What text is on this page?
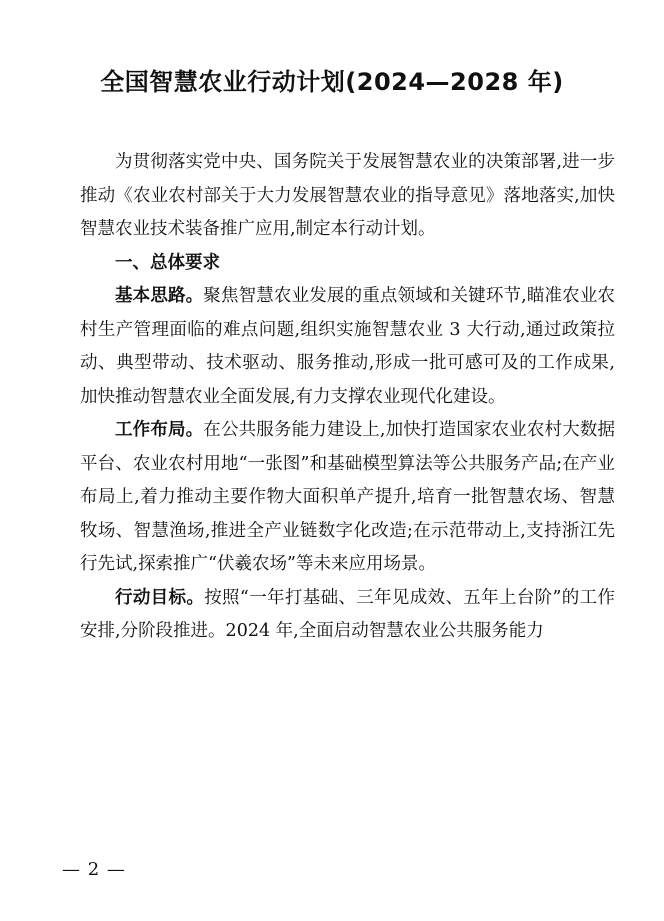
全国智慧农业行动计划(2024—2028 年)

为贯彻落实党中央、国务院关于发展智慧农业的决策部署,进一步推动《农业农村部关于大力发展智慧农业的指导意见》落地落实,加快智慧农业技术装备推广应用,制定本行动计划。

一、总体要求

基本思路。聚焦智慧农业发展的重点领域和关键环节,瞄准农业农村生产管理面临的难点问题,组织实施智慧农业 3 大行动,通过政策拉动、典型带动、技术驱动、服务推动,形成一批可感可及的工作成果,加快推动智慧农业全面发展,有力支撑农业现代化建设。

工作布局。在公共服务能力建设上,加快打造国家农业农村大数据平台、农业农村用地“一张图”和基础模型算法等公共服务产品;在产业布局上,着力推动主要作物大面积单产提升,培育一批智慧农场、智慧牧场、智慧渔场,推进全产业链数字化改造;在示范带动上,支持浙江先行先试,探索推广“伏羲农场”等未来应用场景。

行动目标。按照“一年打基础、三年见成效、五年上台阶”的工作安排,分阶段推进。2024 年,全面启动智慧农业公共服务能力

— 2 —
